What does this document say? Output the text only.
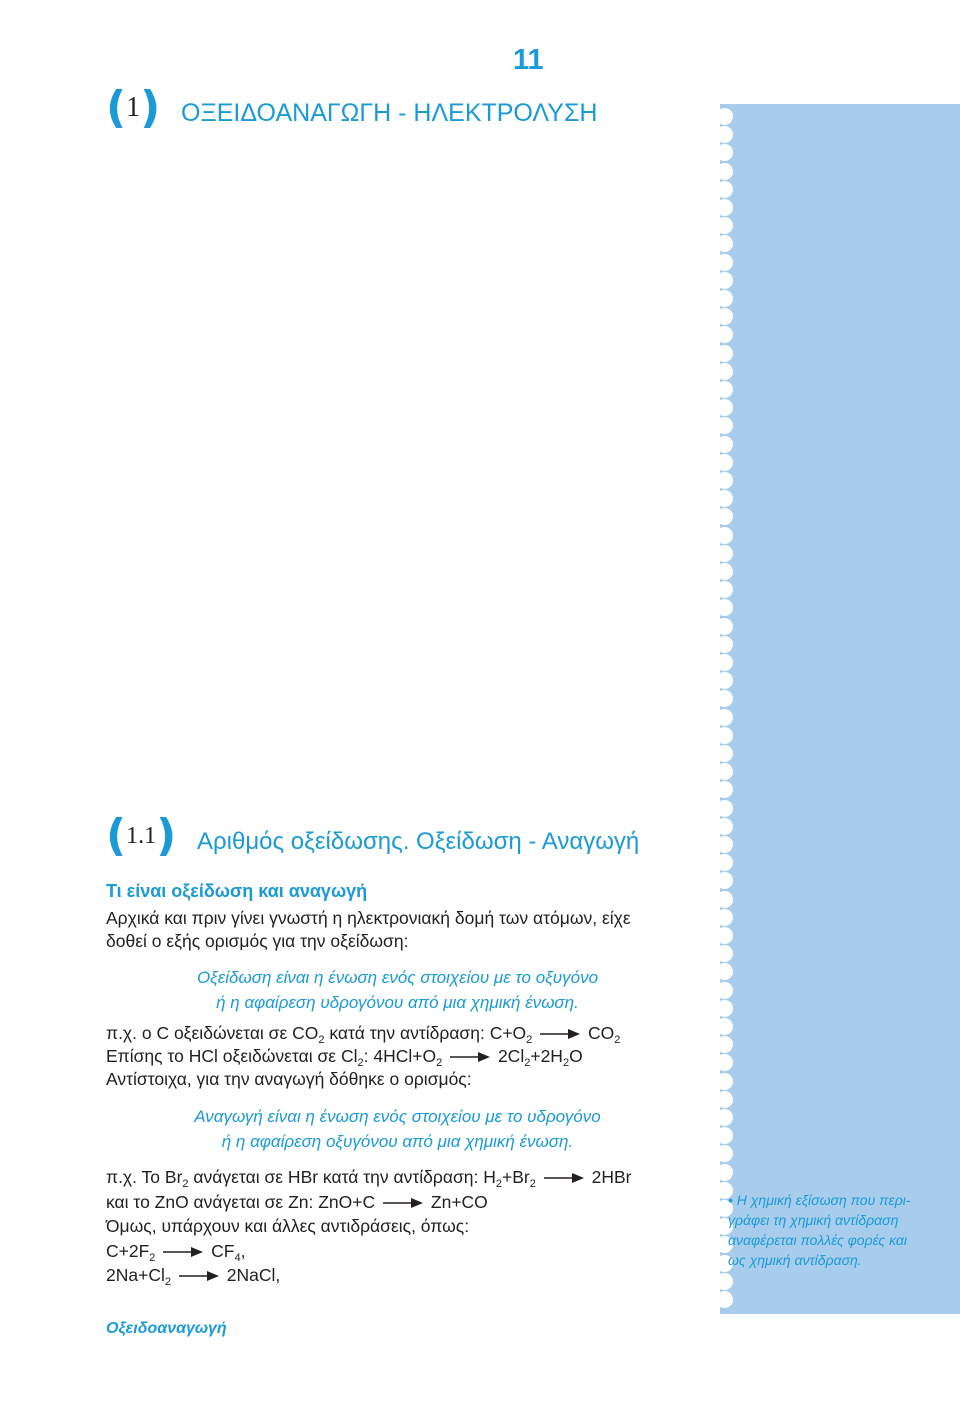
11
(1) ΟΞΕΙΔΟΑΝΑΓΩΓΗ - ΗΛΕΚΤΡΟΛΥΣΗ
(1.1) Αριθμός οξείδωσης. Οξείδωση - Αναγωγή
Τι είναι οξείδωση και αναγωγή
Αρχικά και πριν γίνει γνωστή η ηλεκτρονιακή δομή των ατόμων, είχε
δοθεί ο εξής ορισμός για την οξείδωση:
Οξείδωση είναι η ένωση ενός στοιχείου με το οξυγόνο
ή η αφαίρεση υδρογόνου από μια χημική ένωση.
π.χ. ο C οξειδώνεται σε $CO_2$ κατά την αντίδραση: $C+O_2 \to CO_2$
Επίσης το HCl οξειδώνεται σε $Cl_2$: $4HCl+O_2 \to 2Cl_2+2H_2O$
Αντίστοιχα, για την αναγωγή δόθηκε ο ορισμός:
Αναγωγή είναι η ένωση ενός στοιχείου με το υδρογόνο
ή η αφαίρεση οξυγόνου από μια χημική ένωση.
π.χ. Το $Br_2$ ανάγεται σε HBr κατά την αντίδραση: $H_2+Br_2 \to 2HBr$
και το ZnO ανάγεται σε Zn: ZnO+C → Zn+CO
Όμως, υπάρχουν και άλλες αντιδράσεις, όπως:
$C+2F_2 \to CF_4$,
$2Na+Cl_2$ → 2NaCl,
• Η χημική εξίσωση που περι-
γράφει τη χημική αντίδραση
αναφέρεται πολλές φορές και
ως χημική αντίδραση.
Οξειδοαναγωγή
